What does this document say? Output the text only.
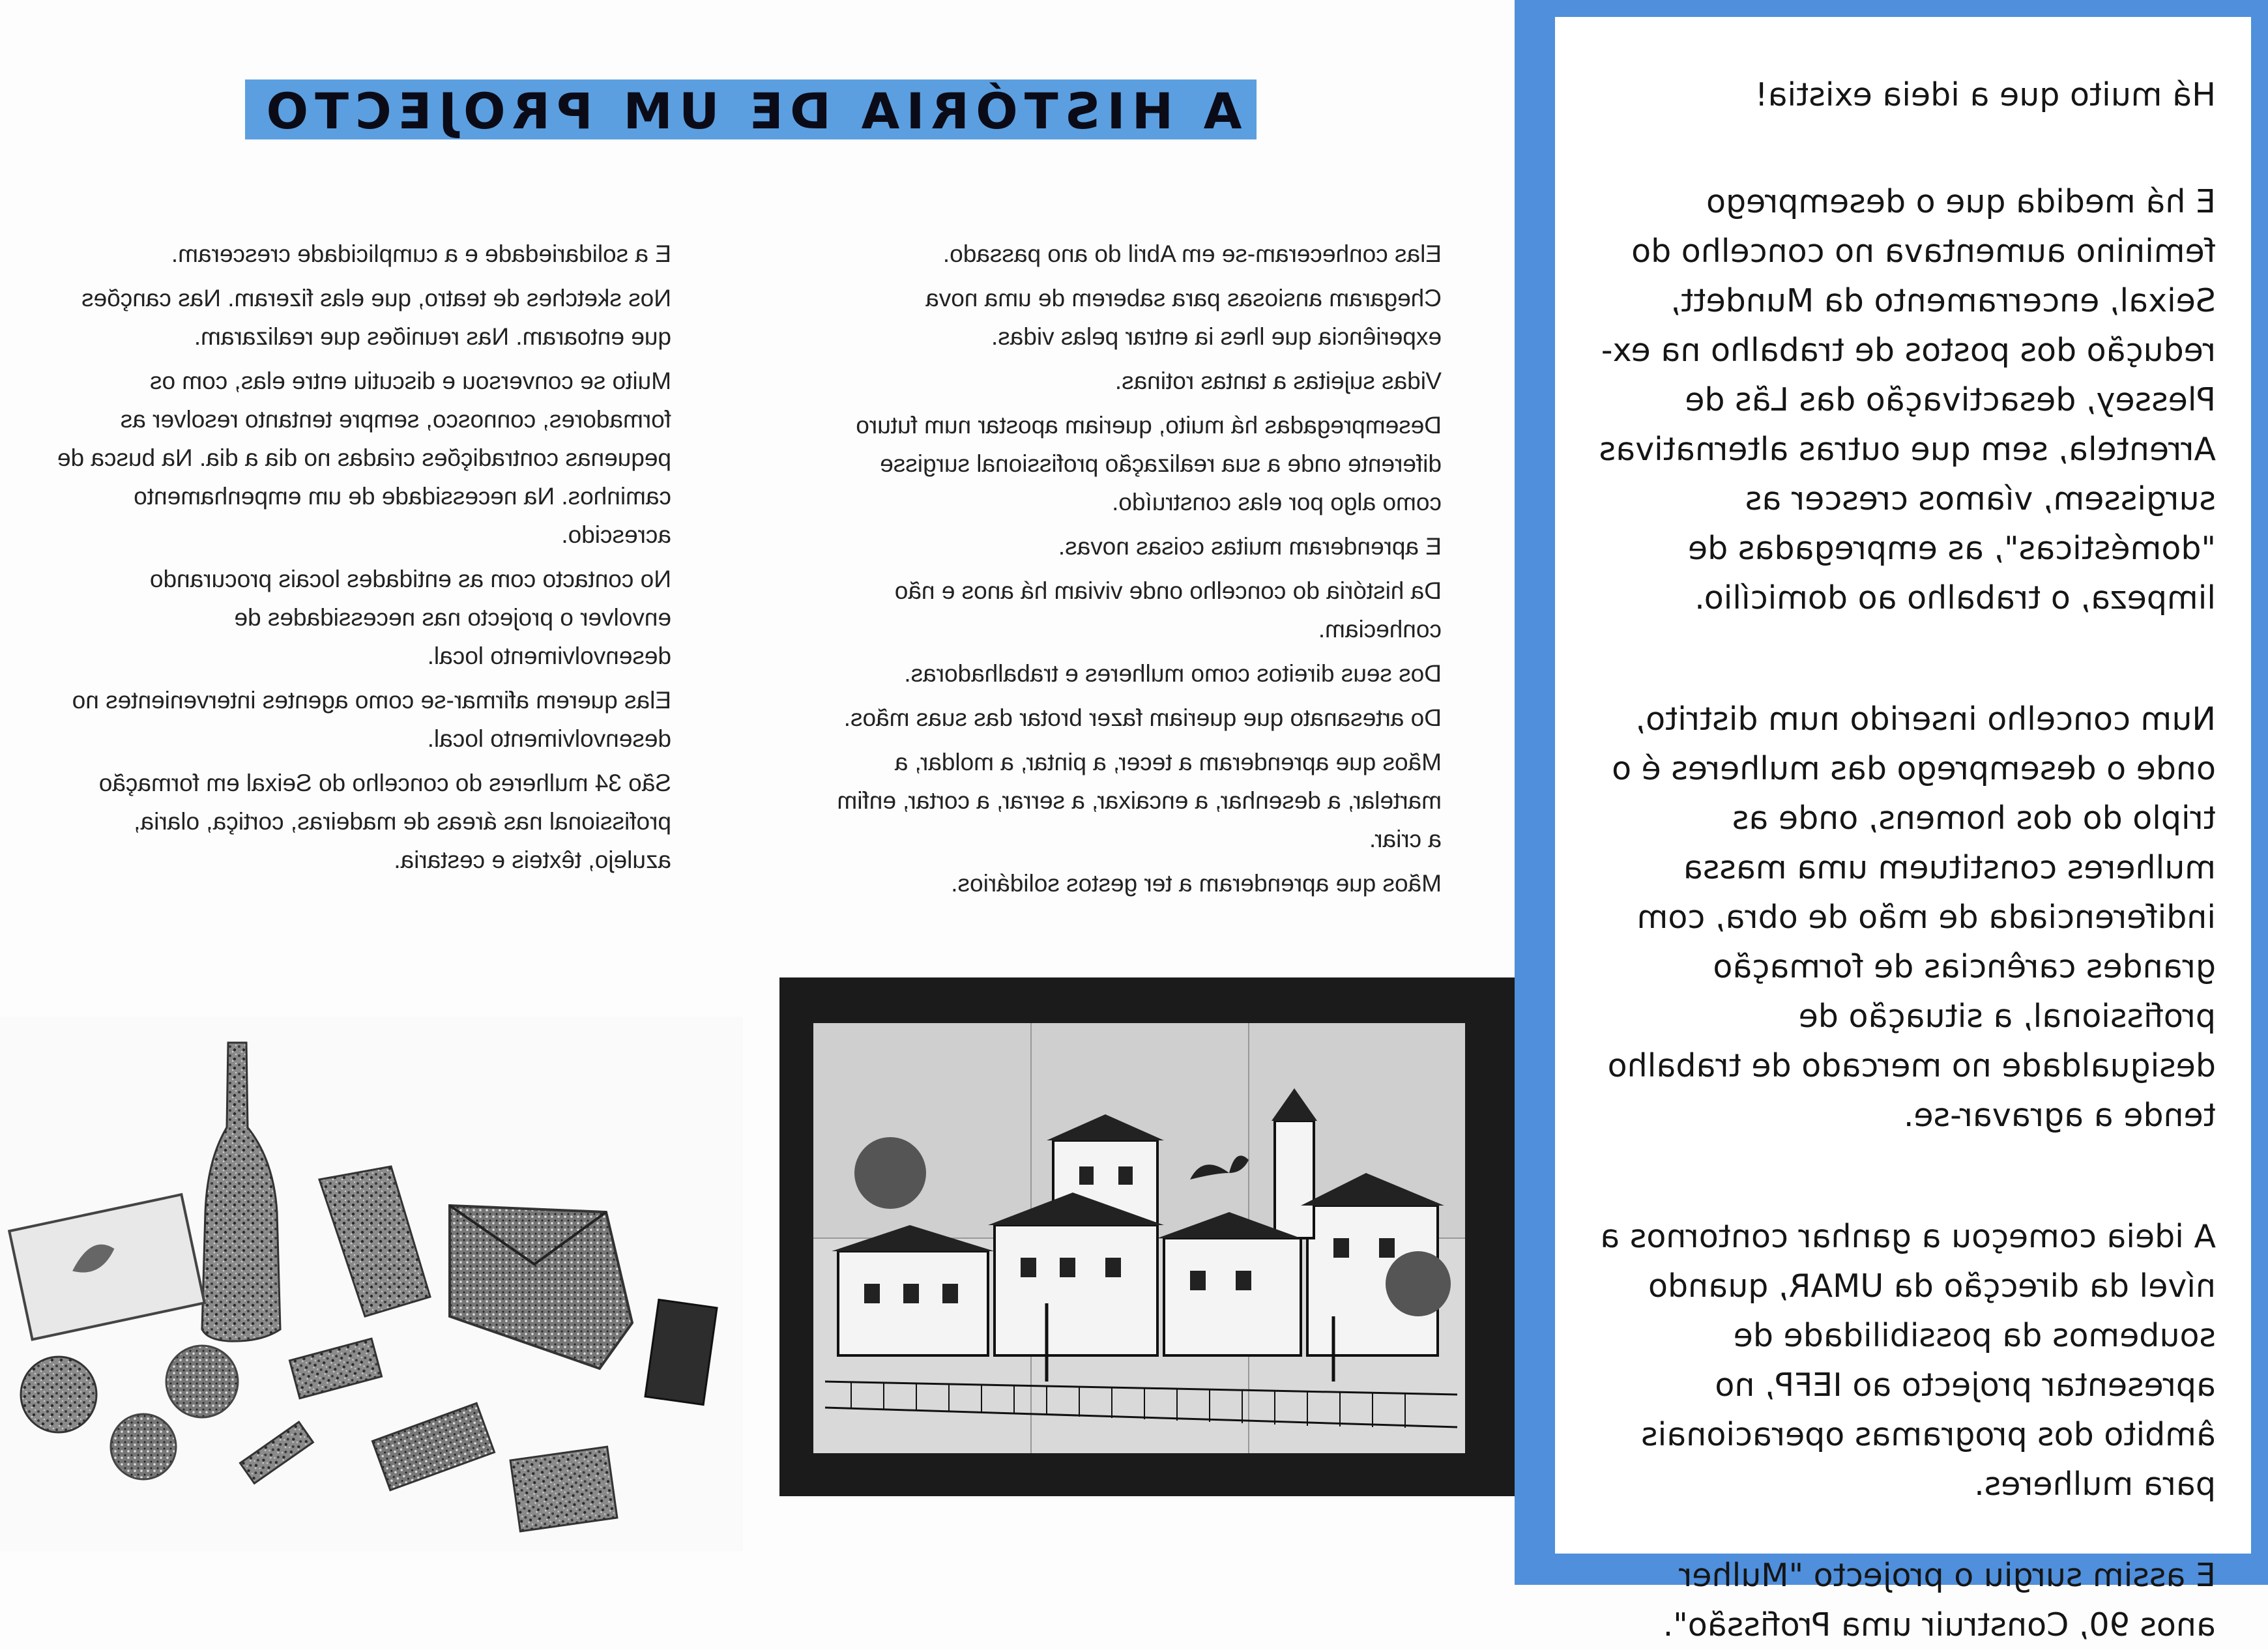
A HISTÓRIA DE UM PROJECTO

E a solidariedade e a cumplicidade cresceram.

Nos sketches de teatro, que elas fizeram. Nas canções que entoaram. Nas reuniões que realizaram.

Muito se conversou e discutiu entre elas, com os formadores, connosco, sempre tentanto resolver as pequenas contradições criadas no dia a dia. Na busca de caminhos. Na necessidade de um empenhamento acrescido.

No contacto com as entidades locais procurando envolver o projecto nas necessidades de desenvolvimento local.

Elas querem afirmar-se como agentes intervenientes no desenvolvimento local.

São 34 mulheres do concelho do Seixal em formação profissional nas áreas de madeiras, cortiça, olaria, azulejo, têxteis e cestaria.

Elas conheceram-se em Abril do ano passado.

Chegaram ansiosas para saberem de uma nova experiência que lhes ia entrar pelas vidas.

Vidas sujeitas a tantas rotinas.

Desempregadas há muito, queriam apostar num futuro diferente onde a sua realização profissional surgisse como algo por elas construído.

E aprenderam muitas coisas novas.

Da história do concelho onde viviam há anos e não conheciam.

Dos seus direitos como mulheres e trabalhadoras.

Do artesanato que queriam fazer brotar das suas mãos.

Mãos que aprenderam a tecer, a pintar, a moldar, a martelar, a desenhar, a encaixar, a serrar, a cortar, enfim a criar.

Mãos que aprenderam a ter gestos solidários.

Há muito que a ideia existia!

E há medida que o desemprego feminino aumentava no concelho do Seixal, encerramento da Mundett, redução dos postos de trabalho na ex-Plessey, desactivação das Lãs de Arrentela, sem que outras alternativas surgissem, víamos crescer as "domésticas", as empregadas de limpeza, o trabalho ao domicílio.

Num concelho inserido num distrito, onde o desemprego das mulheres é o triplo do dos homens, onde as mulheres constituem uma massa indiferenciada de mão de obra, com grandes carências de formação profissional, a situação de desigualdade no mercado de trabalho tende a agravar-se.

A ideia começou a ganhar contornos a nível da direcção da UMAR, quando soubemos da possibilidade de apresentar projecto ao IEFP, no âmbito dos programas operacionais para mulheres.

E assim surgiu o projecto "Mulher anos 90, Construir uma Profissão".
